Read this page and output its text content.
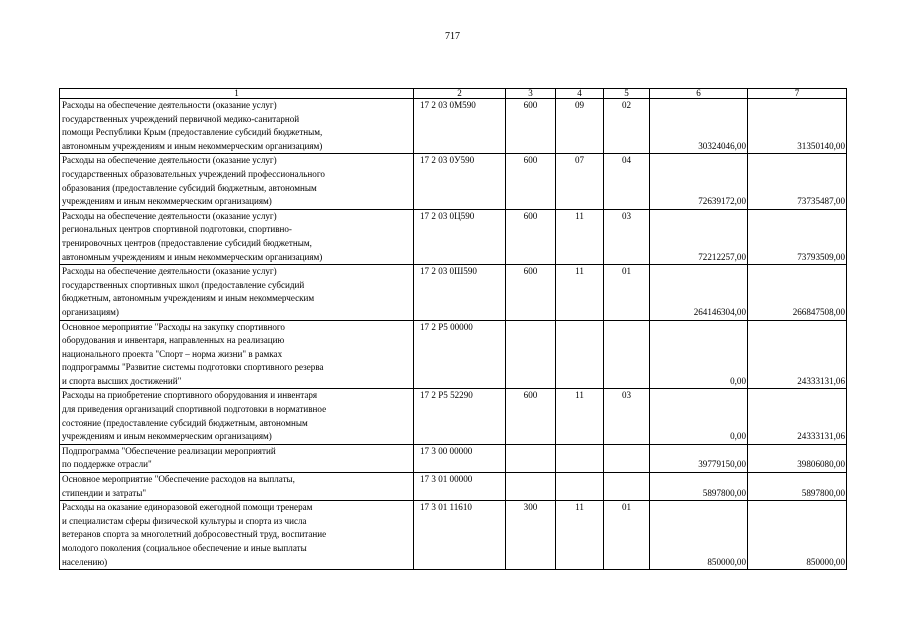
717
1	2	3	4	5	6	7
Расходы на обеспечение деятельности (оказание услуг)
государственных учреждений первичной медико-санитарной
помощи Республики Крым (предоставление субсидий бюджетным,
автономным учреждениям и иным некоммерческим организациям)	17 2 03 0М590	600	09	02	30324046,00	31350140,00
Расходы на обеспечение деятельности (оказание услуг)
государственных образовательных учреждений профессионального
образования (предоставление субсидий бюджетным, автономным
учреждениям и иным некоммерческим организациям)	17 2 03 0У590	600	07	04	72639172,00	73735487,00
Расходы на обеспечение деятельности (оказание услуг)
региональных центров спортивной подготовки, спортивно-
тренировочных центров (предоставление субсидий бюджетным,
автономным учреждениям и иным некоммерческим организациям)	17 2 03 0Ц590	600	11	03	72212257,00	73793509,00
Расходы на обеспечение деятельности (оказание услуг)
государственных спортивных школ (предоставление субсидий
бюджетным, автономным учреждениям и иным некоммерческим
организациям)	17 2 03 0Ш590	600	11	01	264146304,00	266847508,00
Основное мероприятие "Расходы на закупку спортивного
оборудования и инвентаря, направленных на реализацию
национального проекта "Спорт – норма жизни" в рамках
подпрограммы "Развитие системы подготовки спортивного резерва
и спорта высших достижений"	17 2 Р5 00000				0,00	24333131,06
Расходы на приобретение спортивного оборудования и инвентаря
для приведения организаций спортивной подготовки в нормативное
состояние (предоставление субсидий бюджетным, автономным
учреждениям и иным некоммерческим организациям)	17 2 Р5 52290	600	11	03	0,00	24333131,06
Подпрограмма "Обеспечение реализации мероприятий
по поддержке отрасли"	17 3 00 00000				39779150,00	39806080,00
Основное мероприятие "Обеспечение расходов на выплаты,
стипендии и затраты"	17 3 01 00000				5897800,00	5897800,00
Расходы на оказание единоразовой ежегодной помощи тренерам
и специалистам сферы физической культуры и спорта из числа
ветеранов спорта за многолетний добросовестный труд, воспитание
молодого поколения (социальное обеспечение и иные выплаты
населению)	17 3 01 11610	300	11	01	850000,00	850000,00
